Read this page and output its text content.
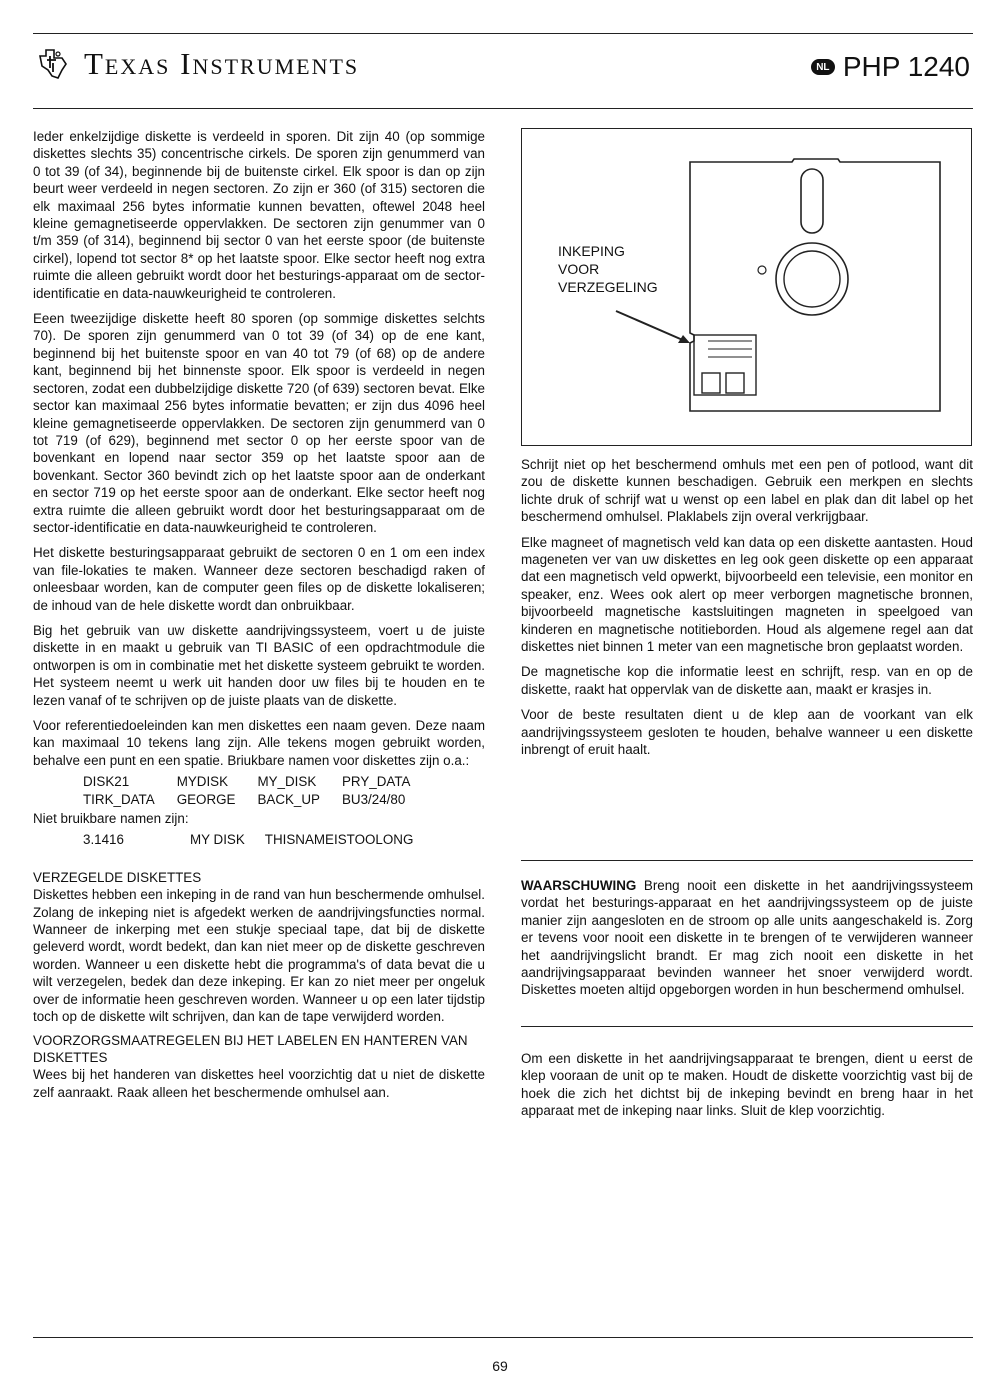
Texas Instruments	NL PHP 1240

Ieder enkelzijdige diskette is verdeeld in sporen. Dit zijn 40 (op sommige diskettes slechts 35) concentrische cirkels. De sporen zijn genummerd van 0 tot 39 (of 34), beginnende bij de buitenste cirkel. Elk spoor is dan op zijn beurt weer verdeeld in negen sectoren. Zo zijn er 360 (of 315) sectoren die elk maximaal 256 bytes informatie kunnen bevatten, oftewel 2048 heel kleine gemagnetiseerde oppervlakken. De sectoren zijn genummer van 0 t/m 359 (of 314), beginnend bij sector 0 van het eerste spoor (de buitenste cirkel), lopend tot sector 8* op het laatste spoor. Elke sector heeft nog extra ruimte die alleen gebruikt wordt door het besturings-apparaat om de sector-identificatie en data-nauwkeurigheid te controleren.

Eeen tweezijdige diskette heeft 80 sporen (op sommige diskettes selchts 70). De sporen zijn genummerd van 0 tot 39 (of 34) op de ene kant, beginnend bij het buitenste spoor en van 40 tot 79 (of 68) op de andere kant, beginnend bij het binnenste spoor. Elk spoor is verdeeld in negen sectoren, zodat een dubbelzijdige diskette 720 (of 639) sectoren bevat. Elke sector kan maximaal 256 bytes informatie bevatten; er zijn dus 4096 heel kleine gemagnetiseerde oppervlakken. De sectoren zijn genummerd van 0 tot 719 (of 629), beginnend met sector 0 op her eerste spoor van de bovenkant en lopend naar sector 359 op het laatste spoor aan de bovenkant. Sector 360 bevindt zich op het laatste spoor aan de onderkant en sector 719 op het eerste spoor aan de onderkant. Elke sector heeft nog extra ruimte die alleen gebruikt wordt door het besturingsapparaat om de sector-identificatie en data-nauwkeurigheid te controleren.

Het diskette besturingsapparaat gebruikt de sectoren 0 en 1 om een index van file-lokaties te maken. Wanneer deze sectoren beschadigd raken of onleesbaar worden, kan de computer geen files op de diskette lokaliseren; de inhoud van de hele diskette wordt dan onbruikbaar.

Big het gebruik van uw diskette aandrijvingssysteem, voert u de juiste diskette in en maakt u gebruik van TI BASIC of een opdrachtmodule die ontworpen is om in combinatie met het diskette systeem gebruikt te worden. Het systeem neemt u werk uit handen door uw files bij te houden en te lezen vanaf of te schrijven op de juiste plaats van de diskette.

Voor referentiedoeleinden kan men diskettes een naam geven. Deze naam kan maximaal 10 tekens lang zijn. Alle tekens mogen gebruikt worden, behalve een punt en een spatie. Briukbare namen voor diskettes zijn o.a.:

DISK21	MYDISK	MY_DISK	PRY_DATA
TIRK_DATA	GEORGE	BACK_UP	BU3/24/80

Niet bruikbare namen zijn:

3.1416	MY DISK	THISNAMEISTOOLONG

VERZEGELDE DISKETTES

Diskettes hebben een inkeping in de rand van hun beschermende omhulsel. Zolang de inkeping niet is afgedekt werken de aandrijvingsfuncties normal. Wanneer de inkerping met een stukje speciaal tape, dat bij de diskette geleverd wordt, wordt bedekt, dan kan niet meer op de diskette geschreven worden. Wanneer u een diskette hebt die programma's of data bevat die u wilt verzegelen, bedek dan deze inkeping. Er kan zo niet meer per ongeluk over de informatie heen geschreven worden. Wanneer u op een later tijdstip toch op de diskette wilt schrijven, dan kan de tape verwijderd worden.

VOORZORGSMAATREGELEN BIJ HET LABELEN EN HANTEREN VAN DISKETTES

Wees bij het handeren van diskettes heel voorzichtig dat u niet de diskette zelf aanraakt. Raak alleen het beschermende omhulsel aan.

INKEPING
VOOR
VERZEGELING

Schrijt niet op het beschermend omhuls met een pen of potlood, want dit zou de diskette kunnen beschadigen. Gebruik een merkpen en slechts lichte druk of schrijf wat u wenst op een label en plak dan dit label op het beschermend omhulsel. Plaklabels zijn overal verkrijgbaar.

Elke magneet of magnetisch veld kan data op een diskette aantasten. Houd mageneten ver van uw diskettes en leg ook geen diskette op een apparaat dat een magnetisch veld opwerkt, bijvoorbeeld een televisie, een monitor en speaker, enz. Wees ook alert op meer verborgen magnetische bronnen, bijvoorbeeld magnetische kastsluitingen magneten in speelgoed van kinderen en magnetische notitieborden. Houd als algemene regel aan dat diskettes niet binnen 1 meter van een magnetische bron geplaatst worden.

De magnetische kop die informatie leest en schrijft, resp. van en op de diskette, raakt hat oppervlak van de diskette aan, maakt er krasjes in.

Voor de beste resultaten dient u de klep aan de voorkant van elk aandrijvingssysteem gesloten te houden, behalve wanneer u een diskette inbrengt of eruit haalt.

WAARSCHUWING Breng nooit een diskette in het aandrijvingssysteem vordat het besturings-apparaat en het aandrijvingssysteem op de juiste manier zijn aangesloten en de stroom op alle units aangeschakeld is. Zorg er tevens voor nooit een diskette in te brengen of te verwijderen wanneer het aandrijvingslicht brandt. Er mag zich nooit een diskette in het aandrijvingsapparaat bevinden wanneer het snoer verwijderd wordt. Diskettes moeten altijd opgeborgen worden in hun beschermend omhulsel.

Om een diskette in het aandrijvingsapparaat te brengen, dient u eerst de klep vooraan de unit op te maken. Houdt de diskette voorzichtig vast bij de hoek die zich het dichtst bij de inkeping bevindt en breng haar in het apparaat met de inkeping naar links. Sluit de klep voorzichtig.

69
